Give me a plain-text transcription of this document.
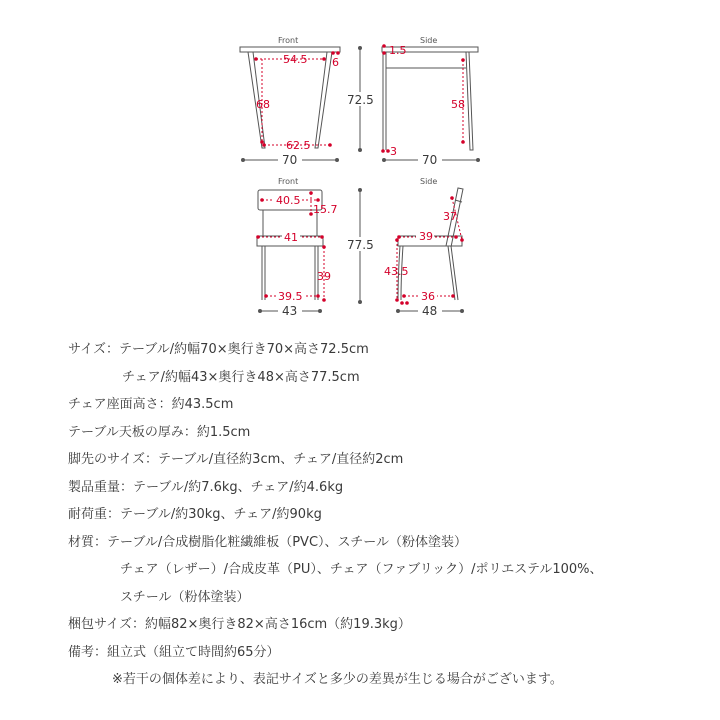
Front
54.5 6
68
62.5
70
72.5
Side
1.5
58
3
70
Front
40.5
15.7
41
39
39.5
43
77.5
Side
37
39
43.5
36
48
サイズ：テーブル/約幅70×奥行き70×高さ72.5cm
チェア/約幅43×奥行き48×高さ77.5cm
チェア座面高さ：約43.5cm
テーブル天板の厚み：約1.5cm
脚先のサイズ：テーブル/直径約3cm、チェア/直径約2cm
製品重量：テーブル/約7.6kg、チェア/約4.6kg
耐荷重：テーブル/約30kg、チェア/約90kg
材質：テーブル/合成樹脂化粧繊維板（PVC）、スチール（粉体塗装）
チェア（レザー）/合成皮革（PU）、チェア（ファブリック）/ポリエステル100%、
スチール（粉体塗装）
梱包サイズ：約幅82×奥行き82×高さ16cm（約19.3kg）
備考：組立式（組立て時間約65分）
※若干の個体差により、表記サイズと多少の差異が生じる場合がございます。
